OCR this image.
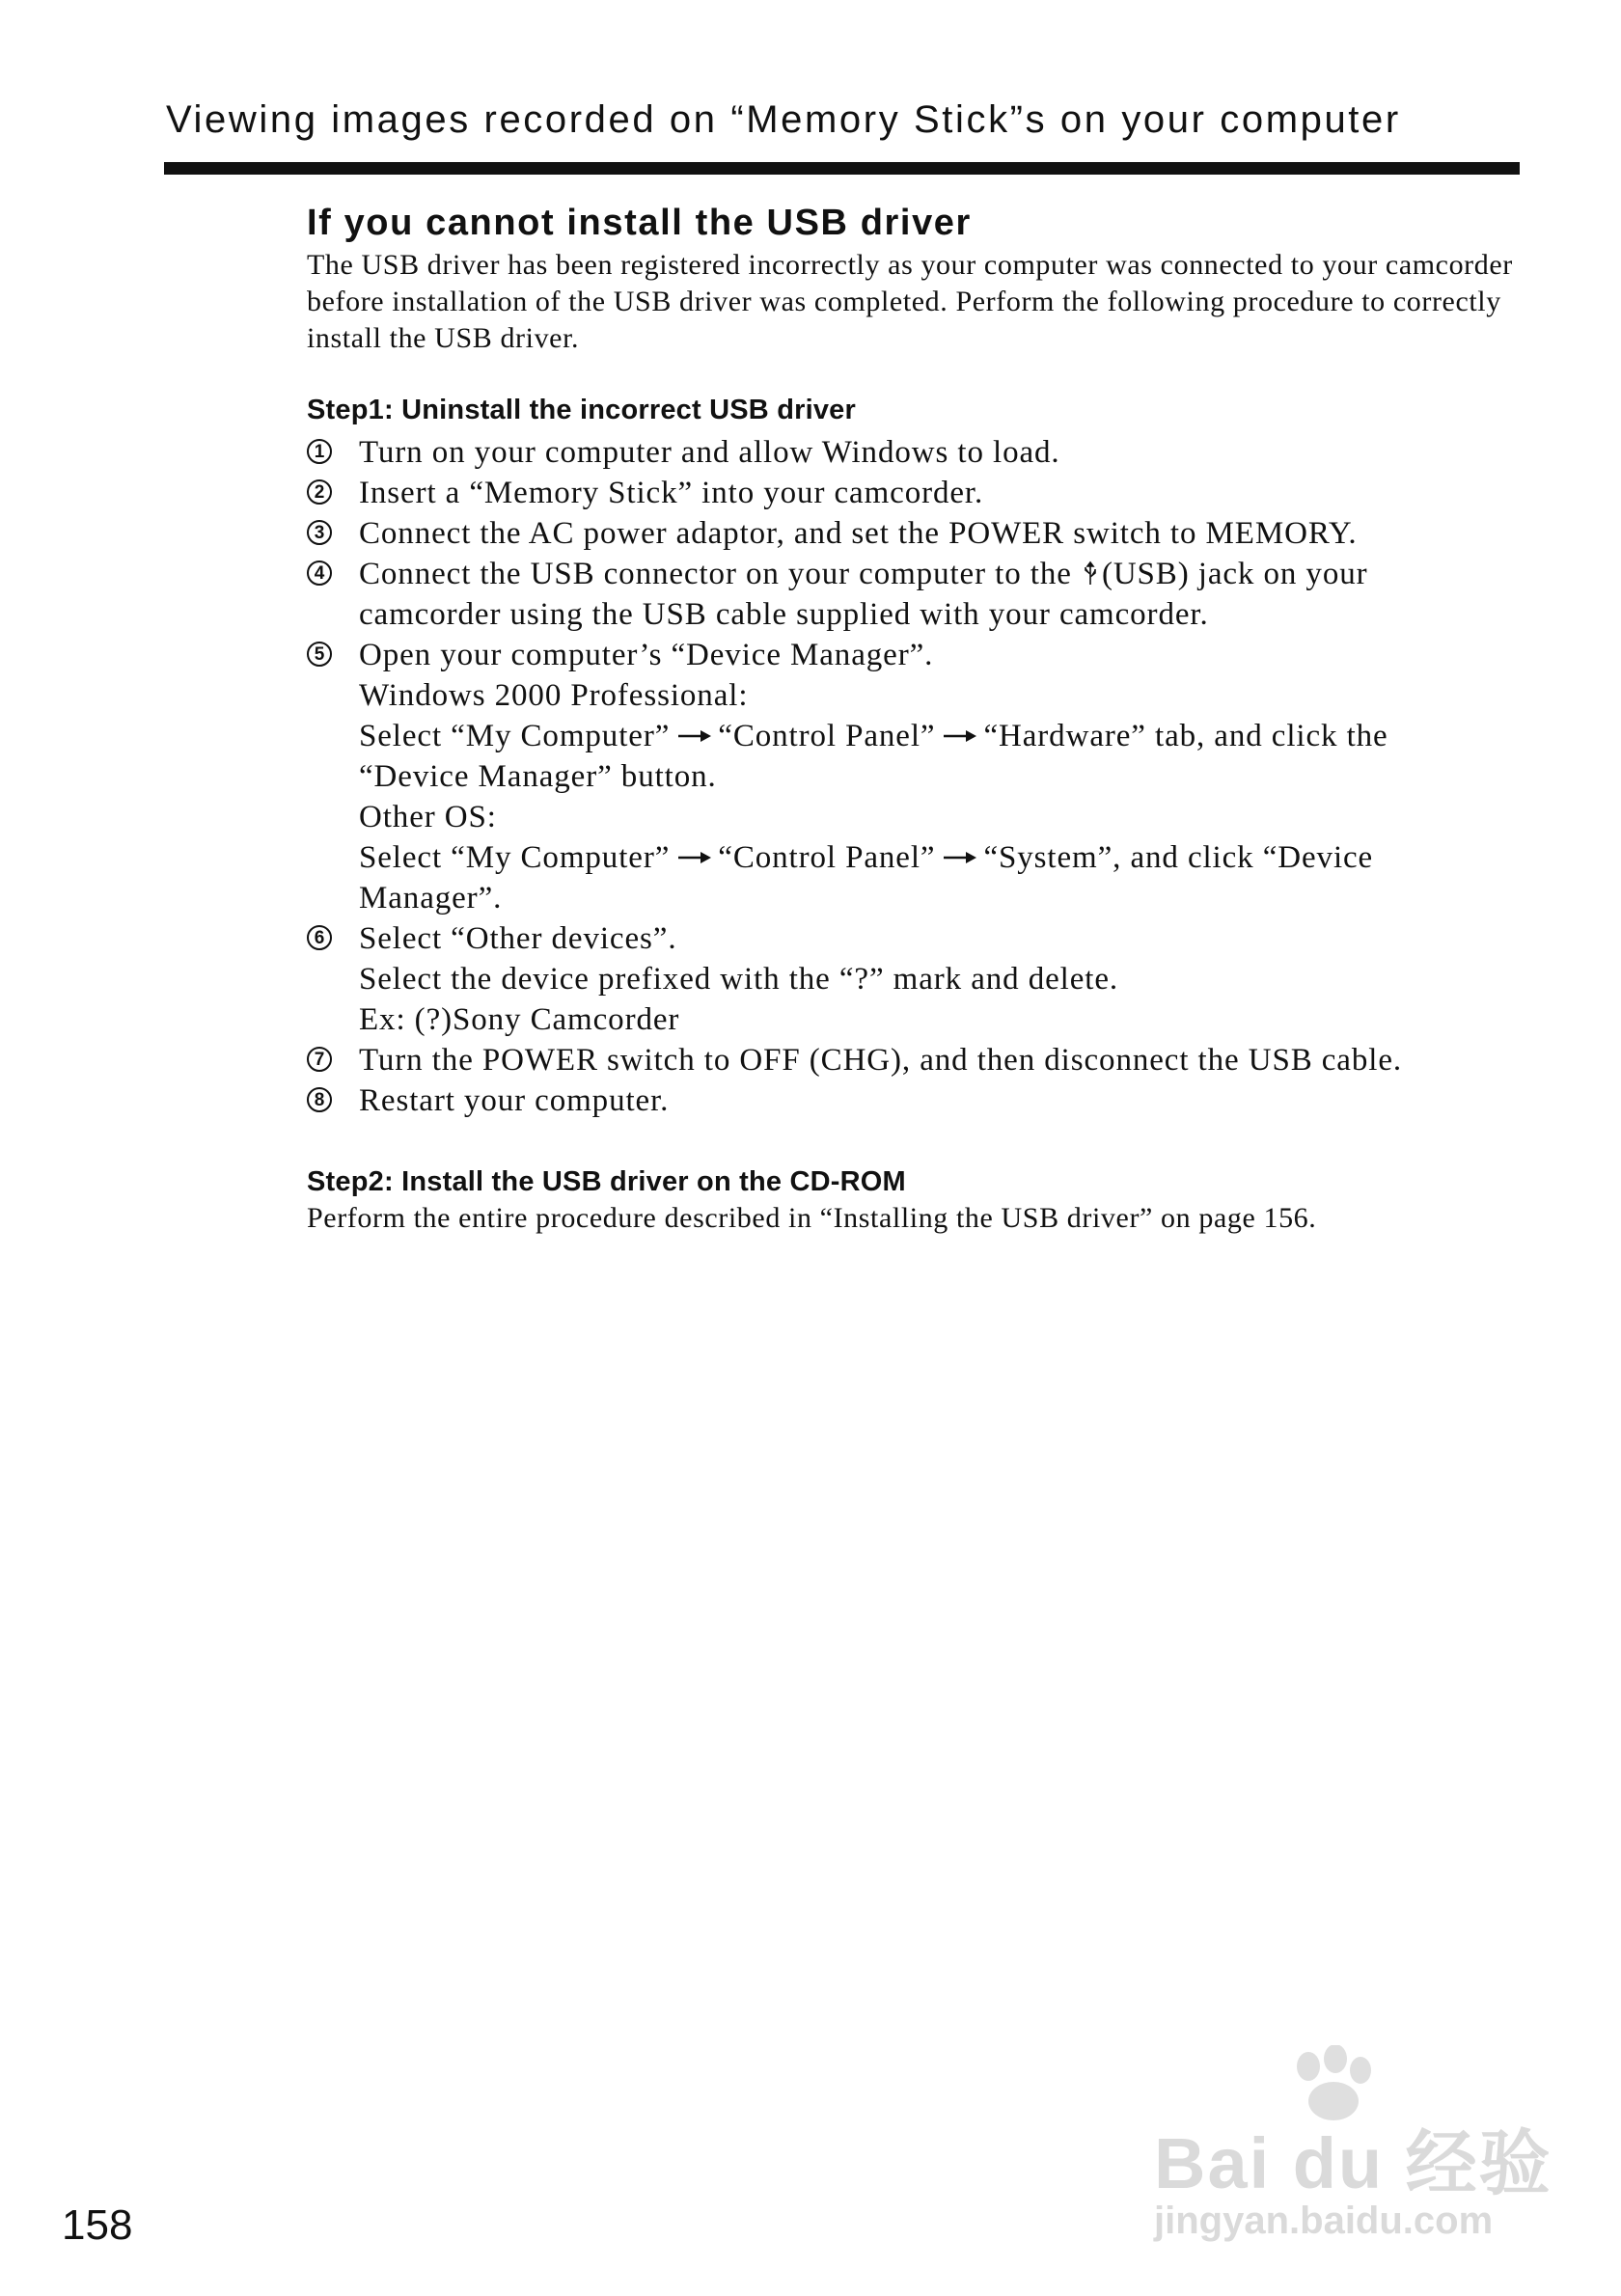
Viewing images recorded on “Memory Stick”s on your computer
If you cannot install the USB driver

The USB driver has been registered incorrectly as your computer was connected to your camcorder before installation of the USB driver was completed. Perform the following procedure to correctly install the USB driver.

Step1: Uninstall the incorrect USB driver
1 Turn on your computer and allow Windows to load.
2 Insert a “Memory Stick” into your camcorder.
3 Connect the AC power adaptor, and set the POWER switch to MEMORY.
4 Connect the USB connector on your computer to the (USB) jack on your
camcorder using the USB cable supplied with your camcorder.
5 Open your computer’s “Device Manager”.
Windows 2000 Professional:
Select “My Computer” “Control Panel” “Hardware” tab, and click the
“Device Manager” button.
Other OS:
Select “My Computer” “Control Panel” “System”, and click “Device
Manager”.
6 Select “Other devices”.
Select the device prefixed with the “?” mark and delete.
Ex: (?)Sony Camcorder
7 Turn the POWER switch to OFF (CHG), and then disconnect the USB cable.
8 Restart your computer.
Step2: Install the USB driver on the CD-ROM

Perform the entire procedure described in “Installing the USB driver” on page 156.

158
Bai du 经验
jingyan.baidu.com
